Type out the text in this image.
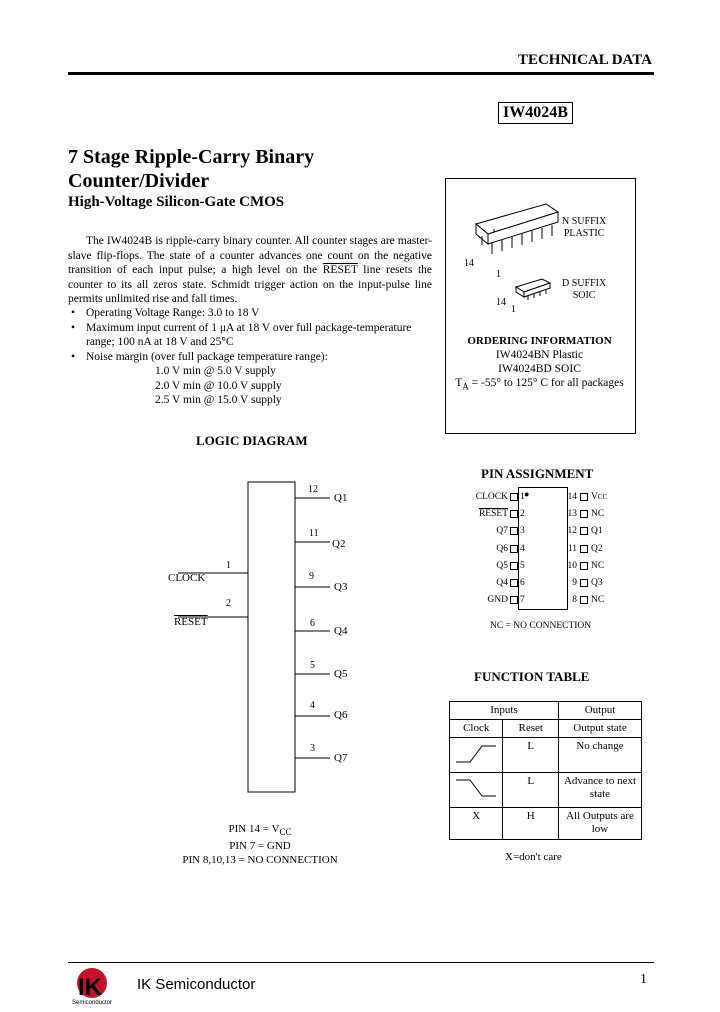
TECHNICAL DATA
IW4024B
7 Stage Ripple-Carry Binary
Counter/Divider
High-Voltage Silicon-Gate CMOS
The IW4024B is ripple-carry binary counter. All counter stages are master-slave flip-flops. The state of a counter advances one count on the negative transition of each input pulse; a high level on the RESET line resets the counter to its all zeros state. Schmidt trigger action on the input-pulse line permits unlimited rise and fall times.
• Operating Voltage Range: 3.0 to 18 V
• Maximum input current of 1 μA at 18 V over full package-temperature range; 100 nA at 18 V and 25°C
• Noise margin (over full package temperature range):
1.0 V min @ 5.0 V supply
2.0 V min @ 10.0 V supply
2.5 V min @ 15.0 V supply
N SUFFIX
PLASTIC
14
1
D SUFFIX
SOIC
14
1
ORDERING INFORMATION
IW4024BN Plastic
IW4024BD SOIC
$T_A = -55^\circ$ to 125° C for all packages
LOGIC DIAGRAM
CLOCK
1
RESET
2
12
Q1
11
Q2
9
Q3
6
Q4
5
Q5
4
Q6
3
Q7
PIN $14 = V_{CC}$
PIN 7 = GND
PIN 8,10,13 = NO CONNECTION
PIN ASSIGNMENT
●
CLOCK 1
RESET 2
Q7 3
Q6 4
Q5 5
Q4 6
GND 7
14 V CC
13 NC
12 Q1
11 Q2
10 NC
9 Q3
8 NC
NC = NO CONNECTION
FUNCTION TABLE
Inputs		Output
Clock	Reset	Output state
	L	No change
	L	Advance to next state
X	H	All Outputs are low
X=don't care
IK
Semiconductor
IK Semiconductor	1
